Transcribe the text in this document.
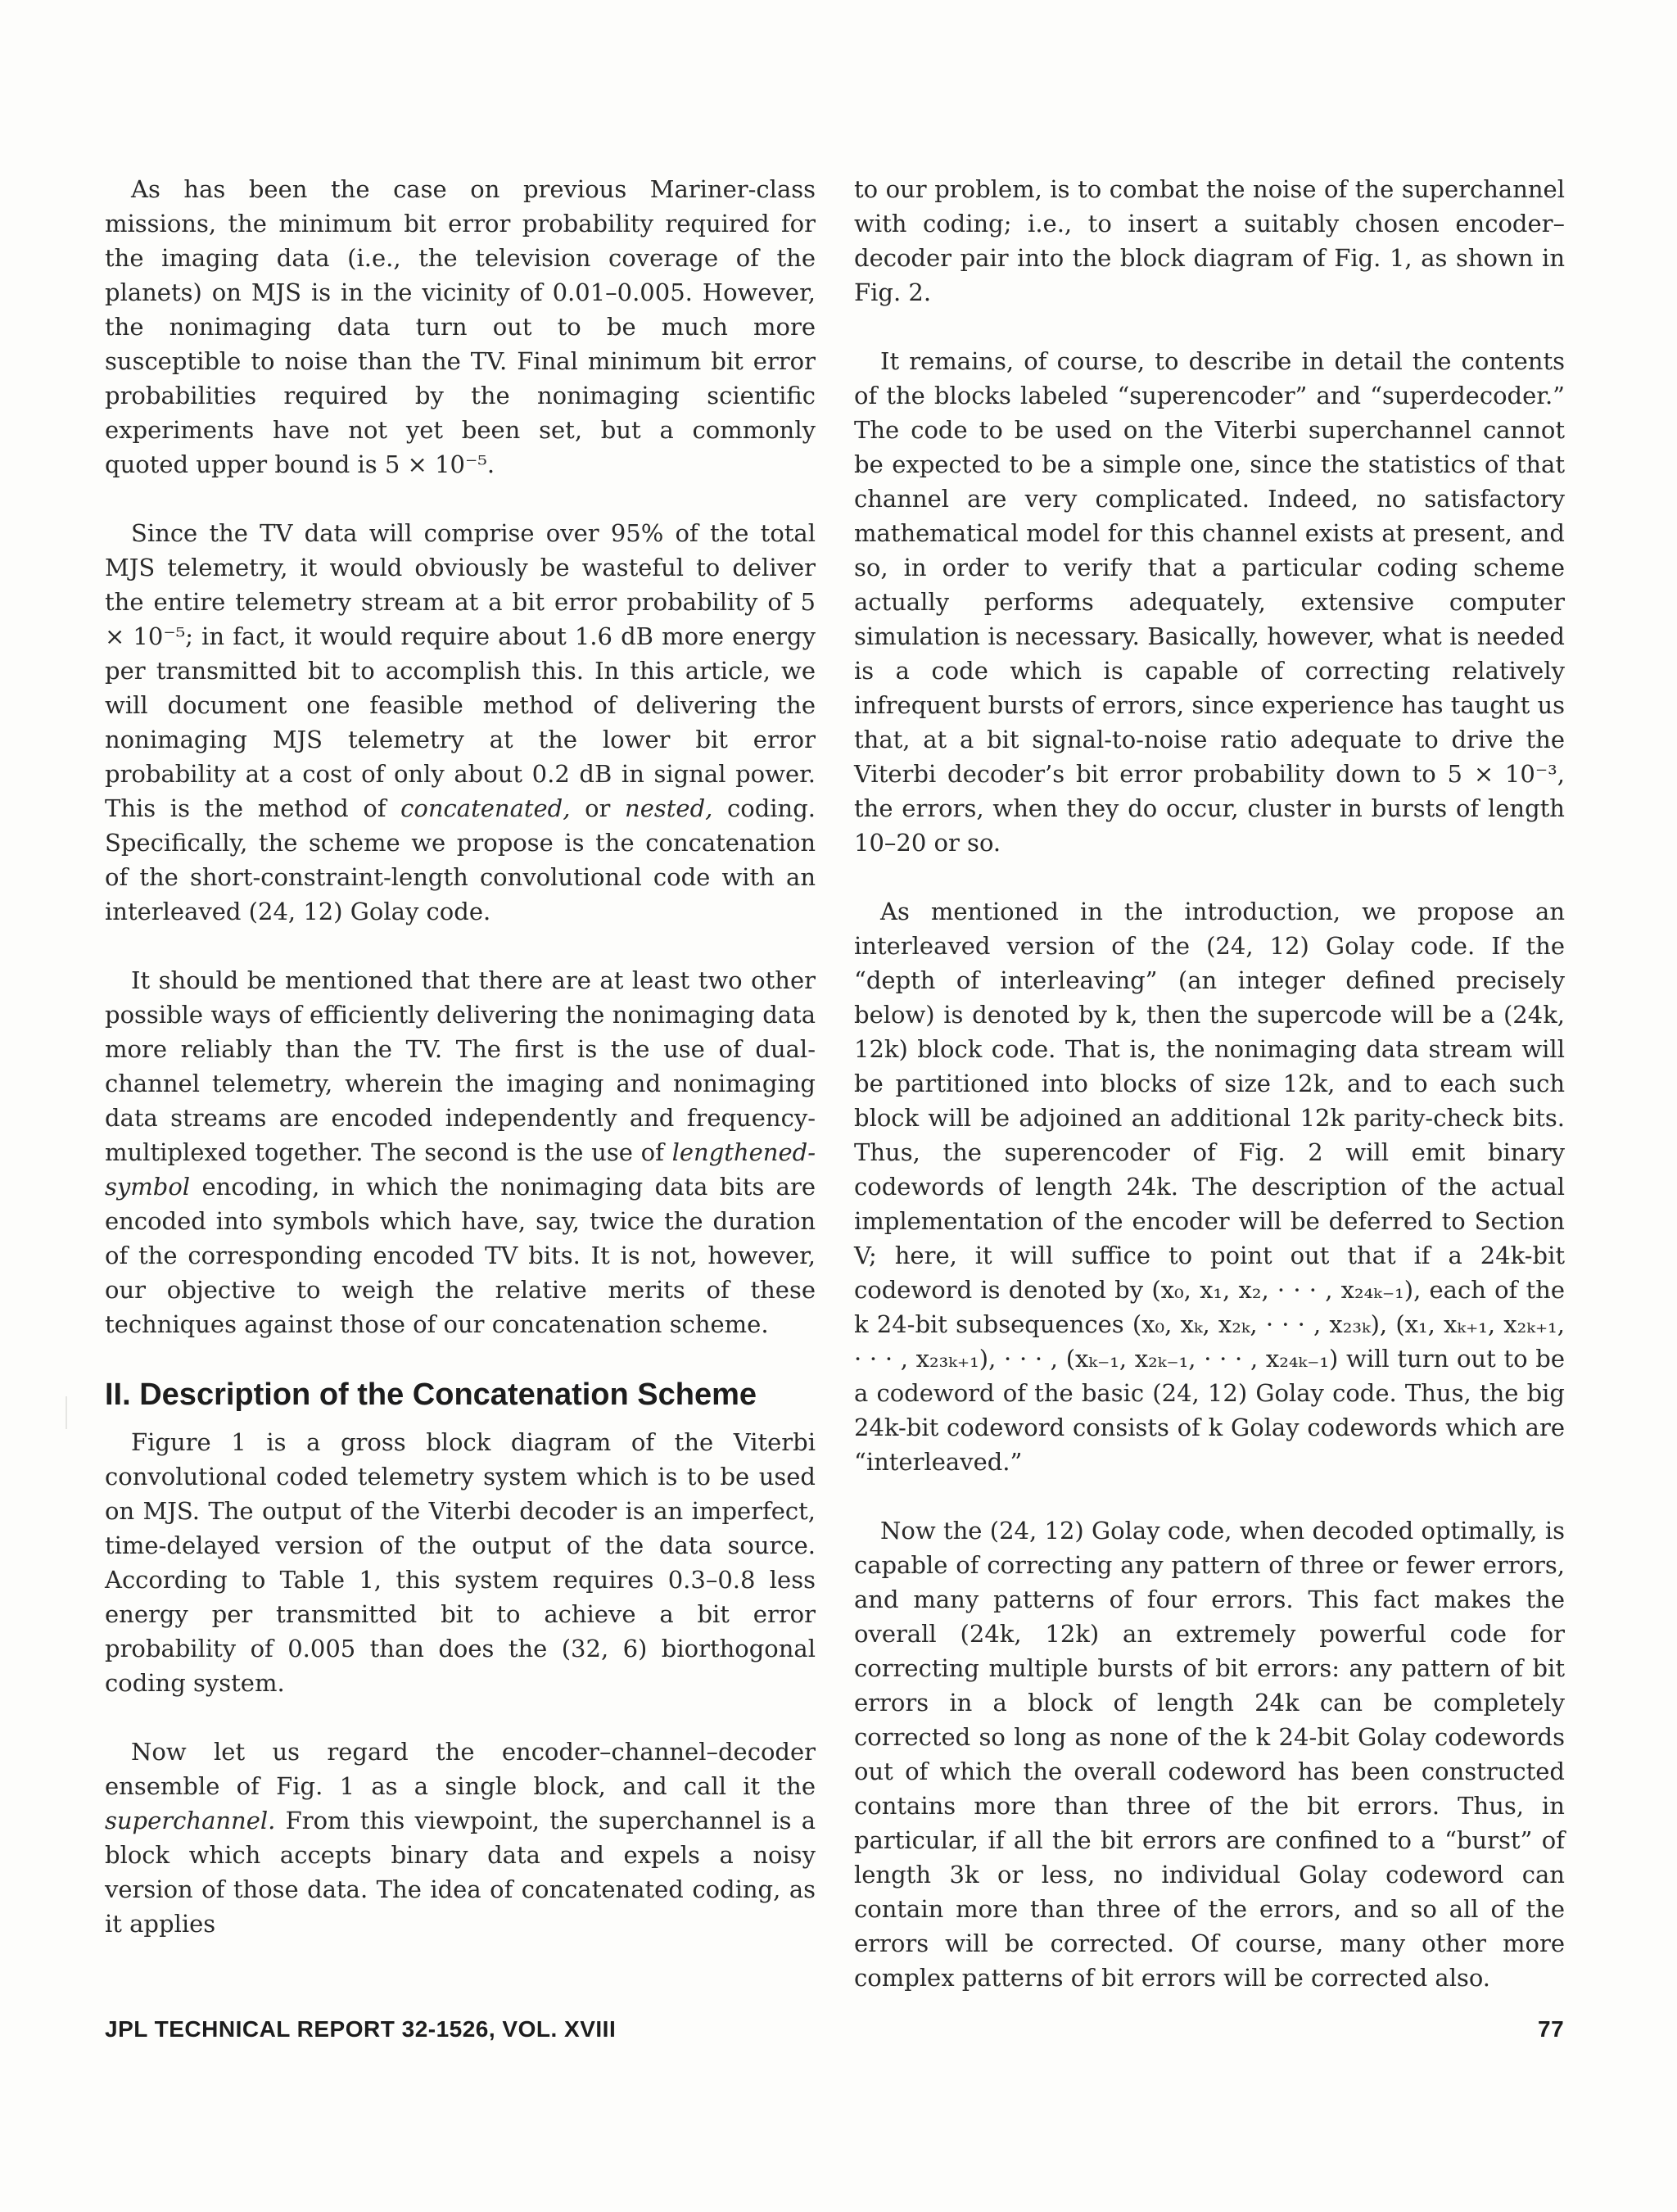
As has been the case on previous Mariner-class missions, the minimum bit error probability required for the imaging data (i.e., the television coverage of the planets) on MJS is in the vicinity of 0.01–0.005. However, the nonimaging data turn out to be much more susceptible to noise than the TV. Final minimum bit error probabilities required by the nonimaging scientific experiments have not yet been set, but a commonly quoted upper bound is 5 × 10⁻⁵.

Since the TV data will comprise over 95% of the total MJS telemetry, it would obviously be wasteful to deliver the entire telemetry stream at a bit error probability of 5 × 10⁻⁵; in fact, it would require about 1.6 dB more energy per transmitted bit to accomplish this. In this article, we will document one feasible method of delivering the nonimaging MJS telemetry at the lower bit error probability at a cost of only about 0.2 dB in signal power. This is the method of concatenated, or nested, coding. Specifically, the scheme we propose is the concatenation of the short-constraint-length convolutional code with an interleaved (24, 12) Golay code.

It should be mentioned that there are at least two other possible ways of efficiently delivering the nonimaging data more reliably than the TV. The first is the use of dual-channel telemetry, wherein the imaging and nonimaging data streams are encoded independently and frequency-multiplexed together. The second is the use of lengthened-symbol encoding, in which the nonimaging data bits are encoded into symbols which have, say, twice the duration of the corresponding encoded TV bits. It is not, however, our objective to weigh the relative merits of these techniques against those of our concatenation scheme.

II. Description of the Concatenation Scheme

Figure 1 is a gross block diagram of the Viterbi convolutional coded telemetry system which is to be used on MJS. The output of the Viterbi decoder is an imperfect, time-delayed version of the output of the data source. According to Table 1, this system requires 0.3–0.8 less energy per transmitted bit to achieve a bit error probability of 0.005 than does the (32, 6) biorthogonal coding system.

Now let us regard the encoder–channel–decoder ensemble of Fig. 1 as a single block, and call it the superchannel. From this viewpoint, the superchannel is a block which accepts binary data and expels a noisy version of those data. The idea of concatenated coding, as it applies

to our problem, is to combat the noise of the superchannel with coding; i.e., to insert a suitably chosen encoder–decoder pair into the block diagram of Fig. 1, as shown in Fig. 2.

It remains, of course, to describe in detail the contents of the blocks labeled “superencoder” and “superdecoder.” The code to be used on the Viterbi superchannel cannot be expected to be a simple one, since the statistics of that channel are very complicated. Indeed, no satisfactory mathematical model for this channel exists at present, and so, in order to verify that a particular coding scheme actually performs adequately, extensive computer simulation is necessary. Basically, however, what is needed is a code which is capable of correcting relatively infrequent bursts of errors, since experience has taught us that, at a bit signal-to-noise ratio adequate to drive the Viterbi decoder’s bit error probability down to 5 × 10⁻³, the errors, when they do occur, cluster in bursts of length 10–20 or so.

As mentioned in the introduction, we propose an interleaved version of the (24, 12) Golay code. If the “depth of interleaving” (an integer defined precisely below) is denoted by k, then the supercode will be a (24k, 12k) block code. That is, the nonimaging data stream will be partitioned into blocks of size 12k, and to each such block will be adjoined an additional 12k parity-check bits. Thus, the superencoder of Fig. 2 will emit binary codewords of length 24k. The description of the actual implementation of the encoder will be deferred to Section V; here, it will suffice to point out that if a 24k-bit codeword is denoted by (x₀, x₁, x₂, · · · , x₂₄ₖ₋₁), each of the k 24-bit subsequences (x₀, xₖ, x₂ₖ, · · · , x₂₃ₖ), (x₁, xₖ₊₁, x₂ₖ₊₁, · · · , x₂₃ₖ₊₁), · · · , (xₖ₋₁, x₂ₖ₋₁, · · · , x₂₄ₖ₋₁) will turn out to be a codeword of the basic (24, 12) Golay code. Thus, the big 24k-bit codeword consists of k Golay codewords which are “interleaved.”

Now the (24, 12) Golay code, when decoded optimally, is capable of correcting any pattern of three or fewer errors, and many patterns of four errors. This fact makes the overall (24k, 12k) an extremely powerful code for correcting multiple bursts of bit errors: any pattern of bit errors in a block of length 24k can be completely corrected so long as none of the k 24-bit Golay codewords out of which the overall codeword has been constructed contains more than three of the bit errors. Thus, in particular, if all the bit errors are confined to a “burst” of length 3k or less, no individual Golay codeword can contain more than three of the errors, and so all of the errors will be corrected. Of course, many other more complex patterns of bit errors will be corrected also.

JPL TECHNICAL REPORT 32-1526, VOL. XVIII	77
